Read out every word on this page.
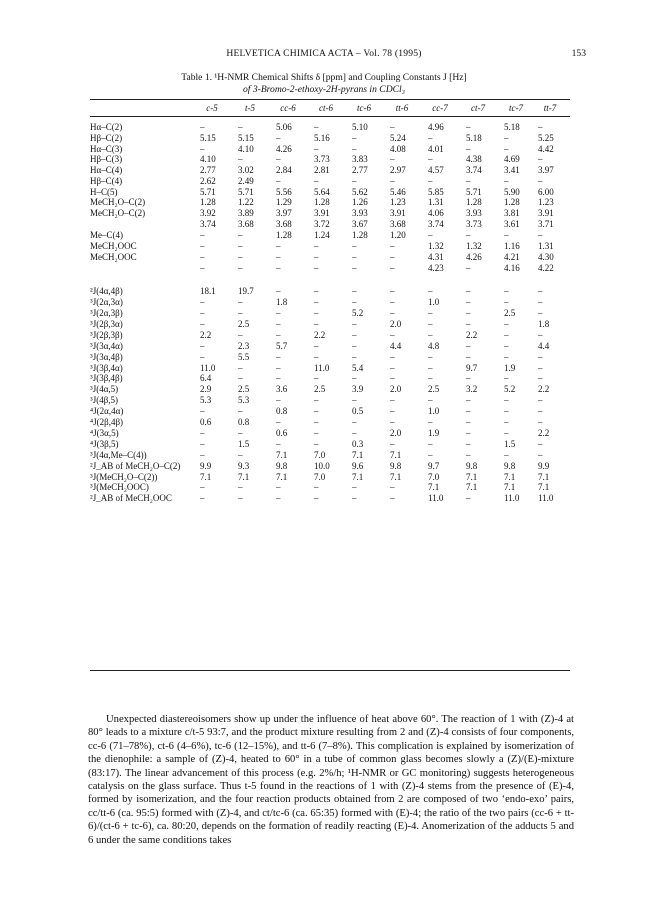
HELVETICA CHIMICA ACTA – Vol. 78 (1995)	153
Table 1. ¹H-NMR Chemical Shifts δ [ppm] and Coupling Constants J [Hz]
of 3-Bromo-2-ethoxy-2H-pyrans in CDCl₃
c-5	t-5	cc-6	ct-6	tc-6	tt-6	cc-7	ct-7	tc-7	tt-7
Hα–C(2)	–	–	5.06	–	5.10	–	4.96	–	5.18	–
Hβ–C(2)	5.15	5.15	–	5.16	–	5.24	–	5.18	–	5.25
Hα–C(3)	–	4.10	4.26	–	–	4.08	4.01	–	–	4.42
Hβ–C(3)	4.10	–	–	3.73	3.83	–	–	4.38	4.69	–
Hα–C(4)	2.77	3.02	2.84	2.81	2.77	2.97	4.57	3.74	3.41	3.97
Hβ–C(4)	2.62	2.49	–	–	–	–	–	–	–	–
H–C(5)	5.71	5.71	5.56	5.64	5.62	5.46	5.85	5.71	5.90	6.00
MeCH₂O–C(2)	1.28	1.22	1.29	1.28	1.26	1.23	1.31	1.28	1.28	1.23
MeCH₂O–C(2)	3.92	3.89	3.97	3.91	3.93	3.91	4.06	3.93	3.81	3.91
3.74	3.68	3.68	3.72	3.67	3.68	3.74	3.73	3.61	3.71
Me–C(4)	–	–	1.28	1.24	1.28	1.20	–	–	–	–
MeCH₂OOC	–	–	–	–	–	–	1.32	1.32	1.16	1.31
MeCH₂OOC	–	–	–	–	–	–	4.31	4.26	4.21	4.30
–	–	–	–	–	–	4.23	–	4.16	4.22
²J(4α,4β)	18.1	19.7	–	–	–	–	–	–	–	–
³J(2α,3α)	–	–	1.8	–	–	–	1.0	–	–	–
³J(2α,3β)	–	–	–	–	5.2	–	–	–	2.5	–
³J(2β,3α)	–	2.5	–	–	–	2.0	–	–	–	1.8
³J(2β,3β)	2.2	–	–	2.2	–	–	–	2.2	–	–
³J(3α,4α)	–	2.3	5.7	–	–	4.4	4.8	–	–	4.4
³J(3α,4β)	–	5.5	–	–	–	–	–	–	–	–
³J(3β,4α)	11.0	–	–	11.0	5.4	–	–	9.7	1.9	–
³J(3β,4β)	6.4	–	–	–	–	–	–	–	–	–
³J(4α,5)	2.9	2.5	3.6	2.5	3.9	2.0	2.5	3.2	5.2	2.2
³J(4β,5)	5.3	5.3	–	–	–	–	–	–	–	–
⁴J(2α,4α)	–	–	0.8	–	0.5	–	1.0	–	–	–
⁴J(2β,4β)	0.6	0.8	–	–	–	–	–	–	–	–
⁴J(3α,5)	–	–	0.6	–	–	2.0	1.9	–	–	2.2
⁴J(3β,5)	–	1.5	–	–	0.3	–	–	–	1.5	–
³J(4α,Me–C(4))	–	–	7.1	7.0	7.1	7.1	–	–	–	–
²J_AB of MeCH₂O–C(2) 9.9	9.3	9.8	10.0	9.6	9.8	9.7	9.8	9.8	9.9
³J(MeCH₂O–C(2))	7.1	7.1	7.1	7.0	7.1	7.1	7.0	7.1	7.1	7.1
³J(MeCH₂OOC)	–	–	–	–	–	–	7.1	7.1	7.1	7.1
²J_AB of MeCH₂OOC	–	–	–	–	–	–	11.0	–	11.0	11.0

Unexpected diastereoisomers show up under the influence of heat above 60°. The reaction of 1 with (Z)-4 at 80° leads to a mixture c/t-5 93:7, and the product mixture resulting from 2 and (Z)-4 consists of four components, cc-6 (71–78%), ct-6 (4–6%), tc-6 (12–15%), and tt-6 (7–8%). This complication is explained by isomerization of the dienophile: a sample of (Z)-4, heated to 60° in a tube of common glass becomes slowly a (Z)/(E)-mixture (83:17). The linear advancement of this process (e.g. 2%/h; ¹H-NMR or GC monitoring) suggests heterogeneous catalysis on the glass surface. Thus t-5 found in the reactions of 1 with (Z)-4 stems from the presence of (E)-4, formed by isomerization, and the four reaction products obtained from 2 are composed of two ‘endo-exo’ pairs, cc/tt-6 (ca. 95:5) formed with (Z)-4, and ct/tc-6 (ca. 65:35) formed with (E)-4; the ratio of the two pairs (cc-6 + tt-6)/(ct-6 + tc-6), ca. 80:20, depends on the formation of readily reacting (E)-4. Anomerization of the adducts 5 and 6 under the same conditions takes
